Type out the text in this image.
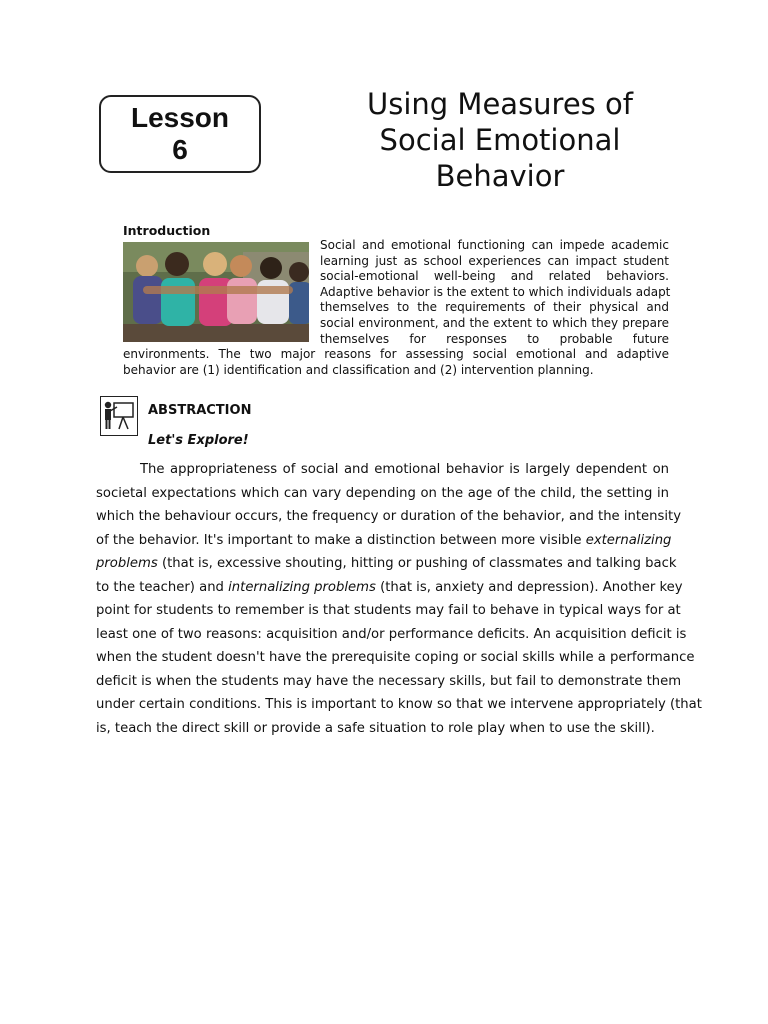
Lesson
6
Using Measures of
Social Emotional
Behavior
Introduction
Social and emotional functioning can impede academic
learning just as school experiences can impact student
social-emotional well-being and related behaviors.
Adaptive behavior is the extent to which individuals adapt
themselves to the requirements of their physical and
social environment, and the extent to which they prepare
themselves for responses to probable future
environments. The two major reasons for assessing social emotional and adaptive
behavior are (1) identification and classification and (2) intervention planning.
ABSTRACTION
Let's Explore!
The appropriateness of social and emotional behavior is largely dependent on
societal expectations which can vary depending on the age of the child, the setting in
which the behaviour occurs, the frequency or duration of the behavior, and the intensity
of the behavior. It's important to make a distinction between more visible externalizing
problems (that is, excessive shouting, hitting or pushing of classmates and talking back
to the teacher) and internalizing problems (that is, anxiety and depression). Another key
point for students to remember is that students may fail to behave in typical ways for at
least one of two reasons: acquisition and/or performance deficits. An acquisition deficit is
when the student doesn't have the prerequisite coping or social skills while a performance
deficit is when the students may have the necessary skills, but fail to demonstrate them
under certain conditions. This is important to know so that we intervene appropriately (that
is, teach the direct skill or provide a safe situation to role play when to use the skill).
